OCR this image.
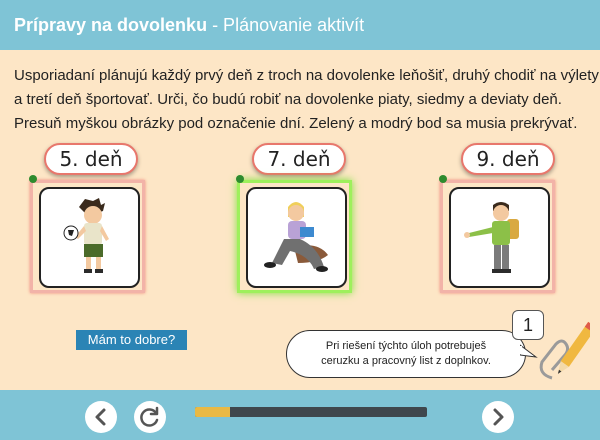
Prípravy na dovolenku - Plánovanie aktivít

Usporiadaní plánujú každý prvý deň z troch na dovolenke leňošiť, druhý chodiť na výlety

a tretí deň športovať. Urči, čo budú robiť na dovolenke piaty, siedmy a deviaty deň.

Presuň myškou obrázky pod označenie dní. Zelený a modrý bod sa musia prekrývať.

5. deň	7. deň	9. deň
Mám to dobre?	Pri riešení týchto úloh potrebuješ
ceruzku a pracovný list z doplnkov.
1
